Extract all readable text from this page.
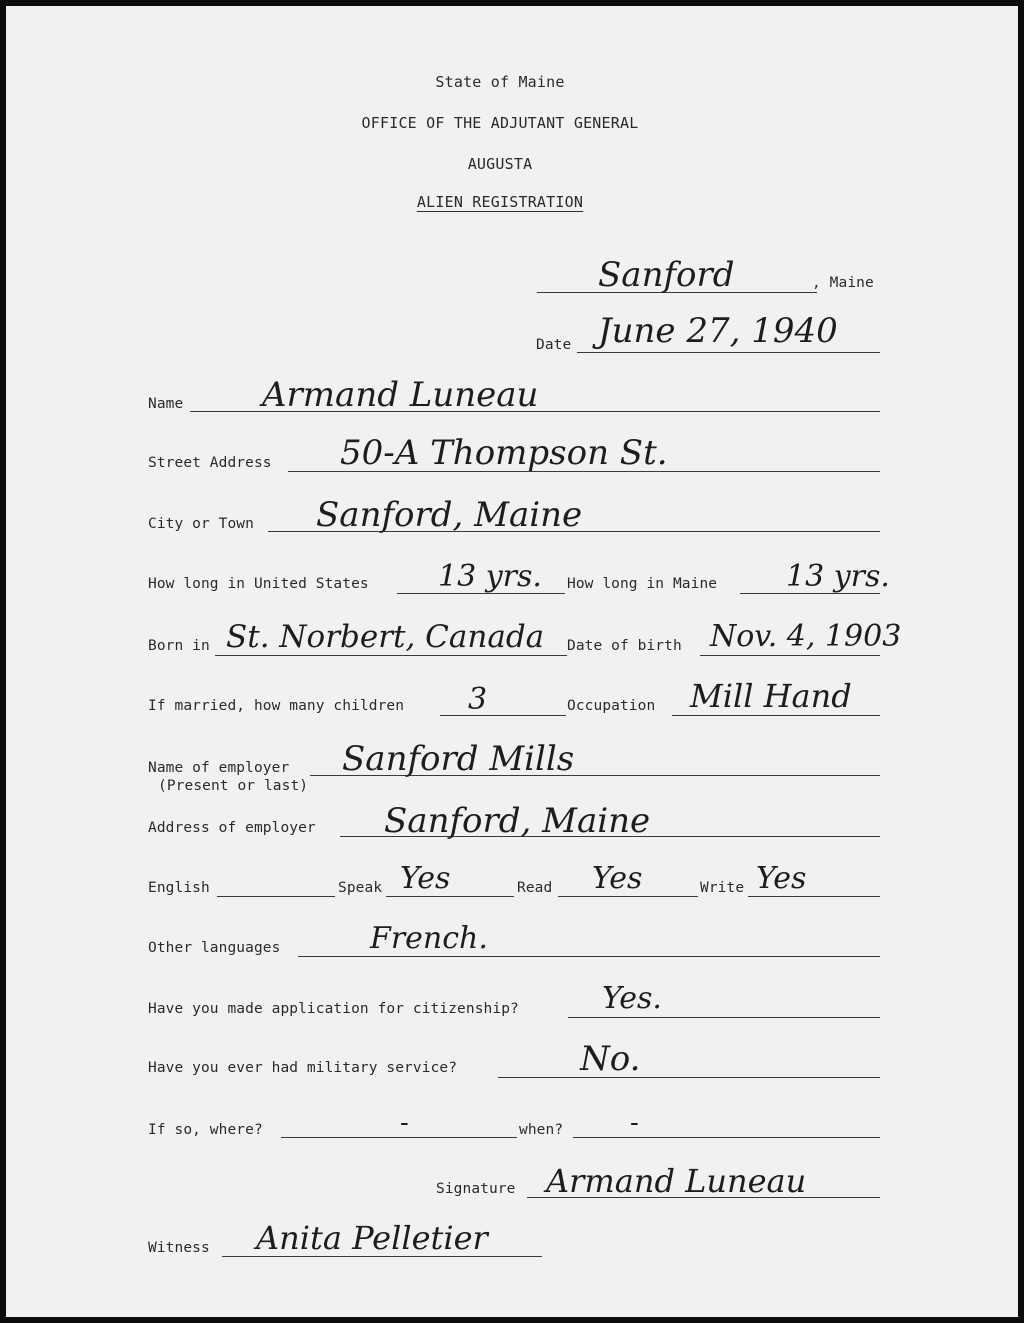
State of Maine
OFFICE OF THE ADJUTANT GENERAL
AUGUSTA
ALIEN REGISTRATION
Sanford	, Maine
Date June 27, 1940
Name Armand Luneau
Street Address 50-A Thompson St.
City or Town Sanford, Maine
How long in United States 13 yrs. How long in Maine 13 yrs.
Born in St. Norbert, Canada Date of birth Nov. 4, 1903
If married, how many children 3	Occupation Mill Hand
Name of employer
(Present or last)
Sanford Mills
Address of employer Sanford, Maine
English	Speak Yes	Read Yes	Write Yes
Other languages	French.
Have you made application for citizenship?	Yes.
Have you ever had military service?	No.
If so, where?	-	when?	-
Signature Armand Luneau
Witness Anita Pelletier
